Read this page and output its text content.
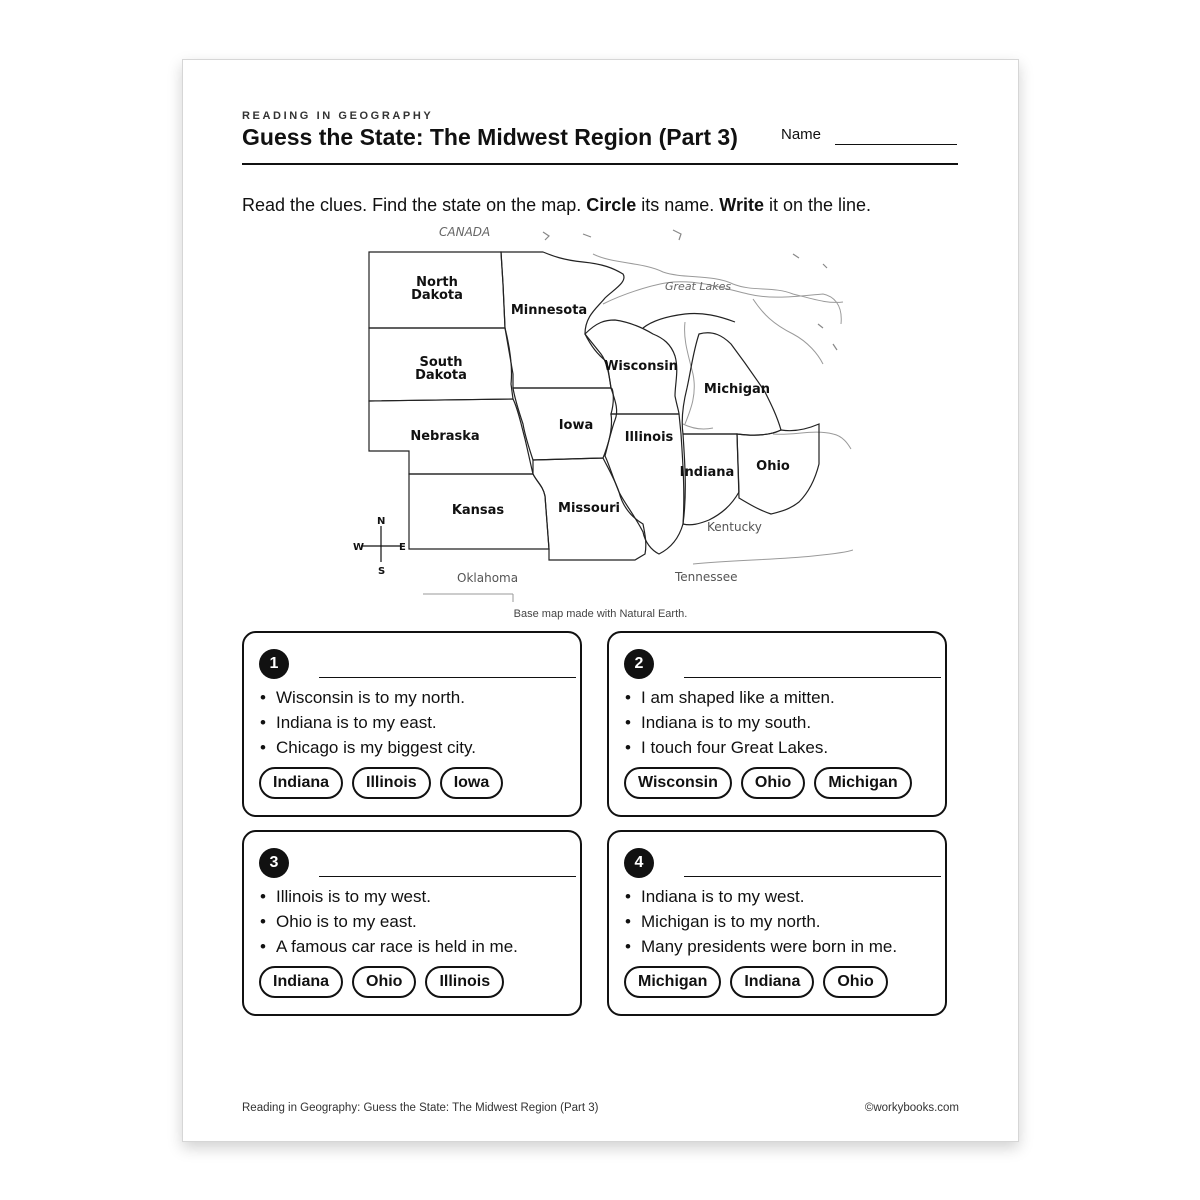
READING IN GEOGRAPHY
Guess the State: The Midwest Region (Part 3)	Name
Read the clues. Find the state on the map. Circle its name. Write it on the line.
N
S
E
W
CANADA
Great Lakes
North
Dakota
South
Dakota
Minnesota
Wisconsin
Michigan
Iowa
Nebraska	Illinois
Indiana Ohio
Kansas	Missouri
Kentucky
Tennessee
Oklahoma
Base map made with Natural Earth.
1
• Wisconsin is to my north.
• Indiana is to my east.
• Chicago is my biggest city.
Indiana	Illinois	Iowa
2
• I am shaped like a mitten.
• Indiana is to my south.
• I touch four Great Lakes.
Wisconsin	Ohio	Michigan
3
• Illinois is to my west.
• Ohio is to my east.
• A famous car race is held in me.
Indiana	Ohio	Illinois
4
• Indiana is to my west.
• Michigan is to my north.
• Many presidents were born in me.
Michigan	Indiana	Ohio
Reading in Geography: Guess the State: The Midwest Region (Part 3)	©workybooks.com
